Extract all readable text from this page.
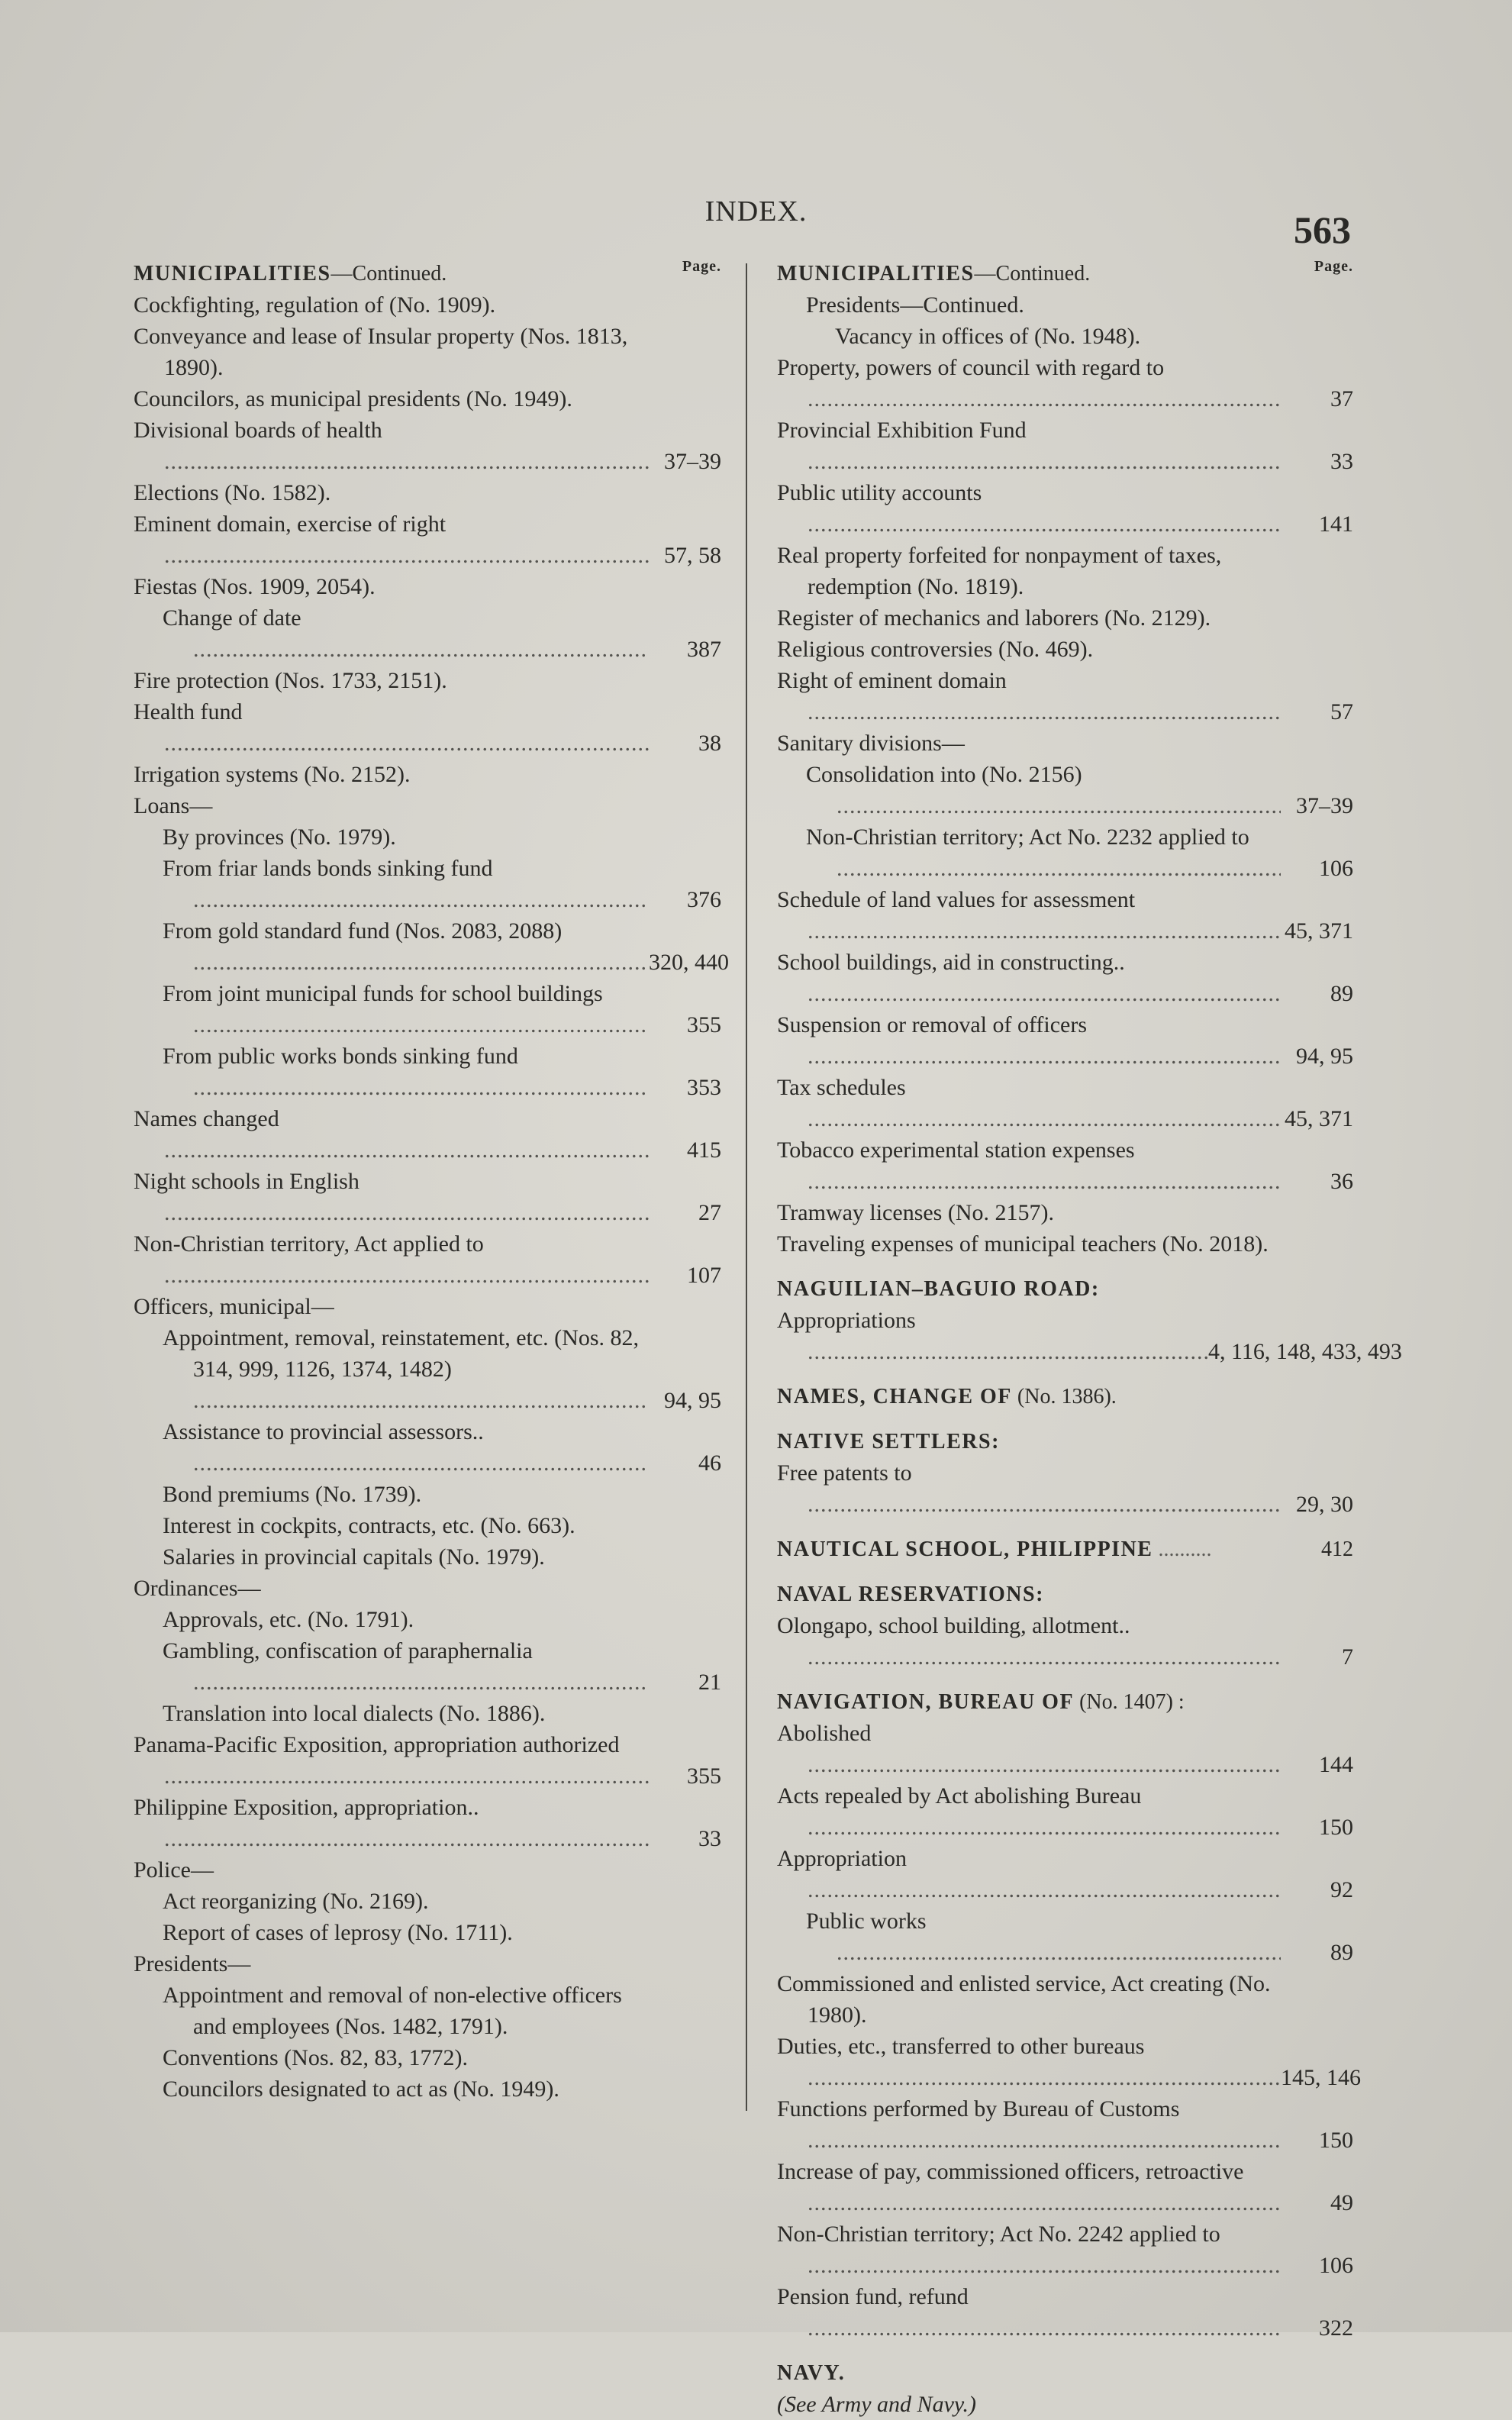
INDEX.	563
Page.
MUNICIPALITIES—Continued.
Cockfighting, regulation of (No. 1909).
Conveyance and lease of Insular property (Nos. 1813, 1890).
Councilors, as municipal presidents (No. 1949).
Divisional boards of health .....
37–39
Elections (No. 1582).
Eminent domain, exercise of right .....
57, 58
Fiestas (Nos. 1909, 2054).
Change of date .....
387
Fire protection (Nos. 1733, 2151).
Health fund .....
38
Irrigation systems (No. 2152).
Loans—
By provinces (No. 1979).
From friar lands bonds sinking fund .....
376
From gold standard fund (Nos. 2083, 2088) .....
320, 440
From joint municipal funds for school buildings .....
355
From public works bonds sinking fund .....
353
Names changed .....
415
Night schools in English .....
27
Non-Christian territory, Act applied to .....
107
Officers, municipal—
Appointment, removal, reinstatement, etc. (Nos. 82, 314, 999, 1126, 1374, 1482) .....
94, 95
Assistance to provincial assessors.. .....
46
Bond premiums (No. 1739).
Interest in cockpits, contracts, etc. (No. 663).
Salaries in provincial capitals (No. 1979).
Ordinances—
Approvals, etc. (No. 1791).
Gambling, confiscation of paraphernalia .....
21
Translation into local dialects (No. 1886).
Panama-Pacific Exposition, appropriation authorized .....
355
Philippine Exposition, appropriation.. .....
33
Police—
Act reorganizing (No. 2169).
Report of cases of leprosy (No. 1711).
Presidents—
Appointment and removal of non-elective officers and employees (Nos. 1482, 1791).
Conventions (Nos. 82, 83, 1772).
Councilors designated to act as (No. 1949).
Page.
MUNICIPALITIES—Continued.
Presidents—Continued.
Vacancy in offices of (No. 1948).
Property, powers of council with regard to .....
37
Provincial Exhibition Fund .....
33
Public utility accounts .....
141
Real property forfeited for nonpayment of taxes, redemption (No. 1819).
Register of mechanics and laborers (No. 2129).
Religious controversies (No. 469).
Right of eminent domain .....
57
Sanitary divisions—
Consolidation into (No. 2156) .....
37–39
Non-Christian territory; Act No. 2232 applied to .....
106
Schedule of land values for assessment .....
45, 371
School buildings, aid in constructing.. .....
89
Suspension or removal of officers .....
94, 95
Tax schedules .....
45, 371
Tobacco experimental station expenses .....
36
Tramway licenses (No. 2157).
Traveling expenses of municipal teachers (No. 2018).
NAGUILIAN–BAGUIO ROAD:
Appropriations .....
4, 116, 148, 433, 493
NAMES, CHANGE OF (No. 1386).
NATIVE SETTLERS:
Free patents to .....
29, 30
NAUTICAL SCHOOL, PHILIPPINE ..........	412
NAVAL RESERVATIONS:
Olongapo, school building, allotment.. .....
7
NAVIGATION, BUREAU OF (No. 1407) :
Abolished .....
144
Acts repealed by Act abolishing Bureau .....
150
Appropriation .....
92
Public works .....
89
Commissioned and enlisted service, Act creating (No. 1980).
Duties, etc., transferred to other bureaus .....
145, 146
Functions performed by Bureau of Customs .....
150
Increase of pay, commissioned officers, retroactive .....
49
Non-Christian territory; Act No. 2242 applied to .....
106
Pension fund, refund .....
322
NAVY.
(See Army and Navy.)
